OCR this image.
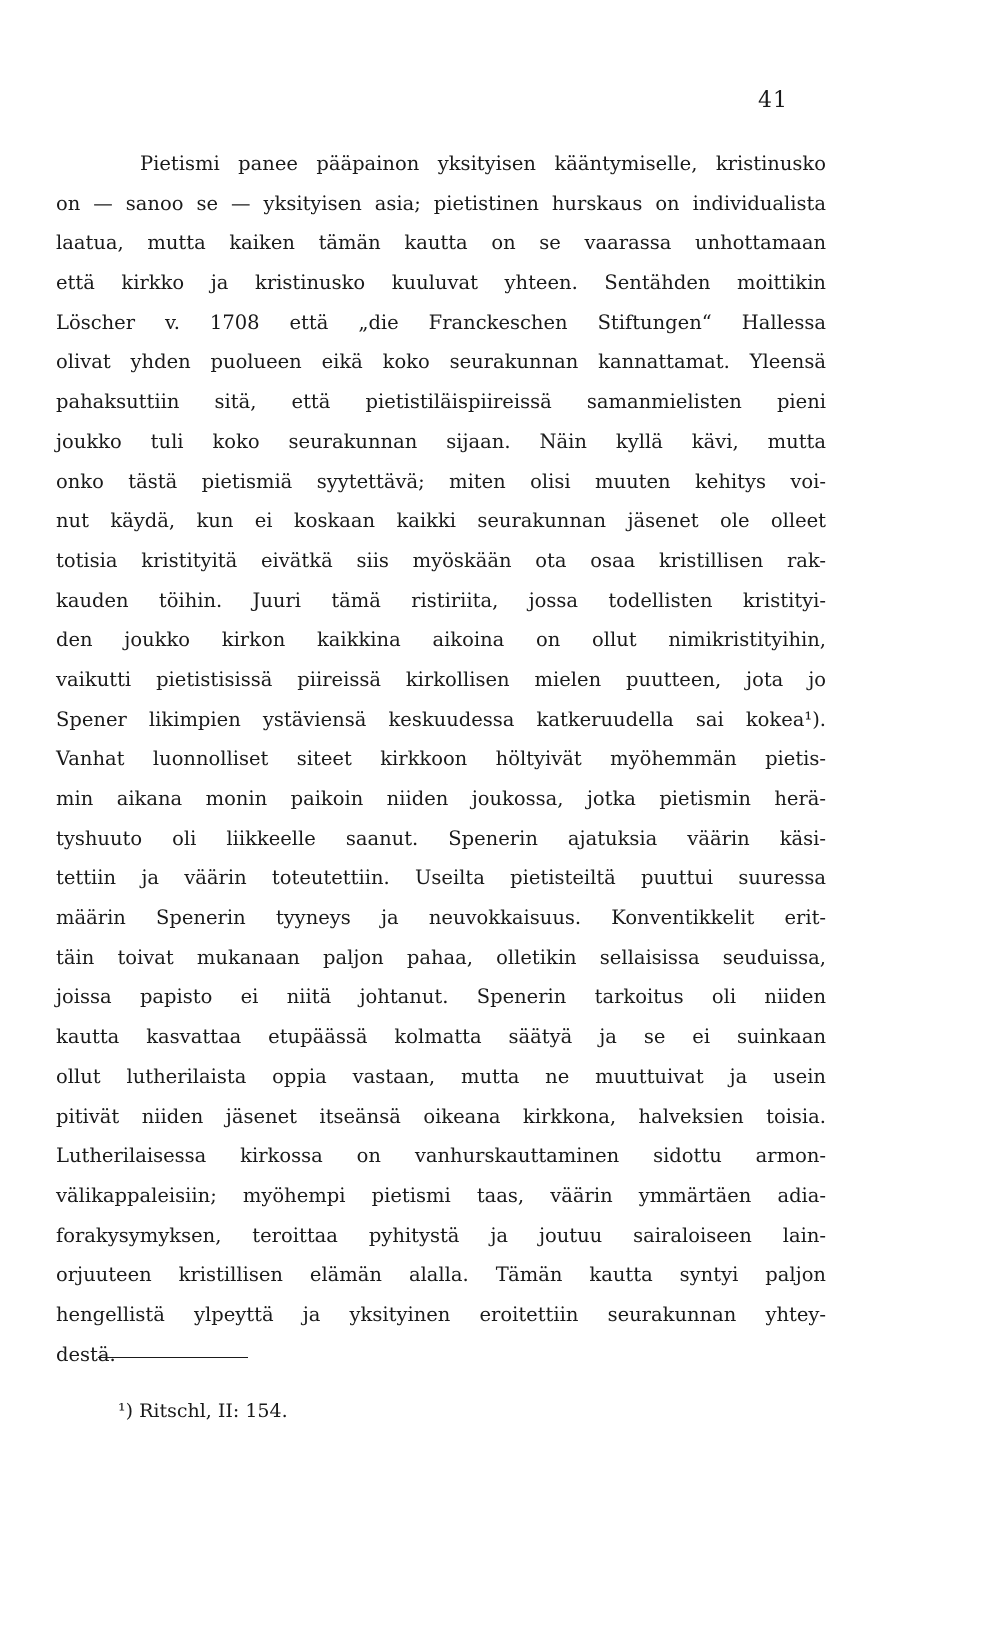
41
Pietismi panee pääpainon yksityisen kääntymiselle, kristinusko
on — sanoo se — yksityisen asia; pietistinen hurskaus on individualista
laatua, mutta kaiken tämän kautta on se vaarassa unhottamaan
että kirkko ja kristinusko kuuluvat yhteen. Sentähden moittikin
Löscher v. 1708 että „die Franckeschen Stiftungen“ Hallessa
olivat yhden puolueen eikä koko seurakunnan kannattamat. Yleensä
pahaksuttiin sitä, että pietistiläispiireissä samanmielisten pieni
joukko tuli koko seurakunnan sijaan. Näin kyllä kävi, mutta
onko tästä pietismiä syytettävä; miten olisi muuten kehitys voi-
nut käydä, kun ei koskaan kaikki seurakunnan jäsenet ole olleet
totisia kristityitä eivätkä siis myöskään ota osaa kristillisen rak-
kauden töihin. Juuri tämä ristiriita, jossa todellisten kristityi-
den joukko kirkon kaikkina aikoina on ollut nimikristityihin,
vaikutti pietistisissä piireissä kirkollisen mielen puutteen, jota jo
Spener likimpien ystäviensä keskuudessa katkeruudella sai kokea¹).
Vanhat luonnolliset siteet kirkkoon höltyivät myöhemmän pietis-
min aikana monin paikoin niiden joukossa, jotka pietismin herä-
tyshuuto oli liikkeelle saanut. Spenerin ajatuksia väärin käsi-
tettiin ja väärin toteutettiin. Useilta pietisteiltä puuttui suuressa
määrin Spenerin tyyneys ja neuvokkaisuus. Konventikkelit erit-
täin toivat mukanaan paljon pahaa, olletikin sellaisissa seuduissa,
joissa papisto ei niitä johtanut. Spenerin tarkoitus oli niiden
kautta kasvattaa etupäässä kolmatta säätyä ja se ei suinkaan
ollut lutherilaista oppia vastaan, mutta ne muuttuivat ja usein
pitivät niiden jäsenet itseänsä oikeana kirkkona, halveksien toisia.
Lutherilaisessa kirkossa on vanhurskauttaminen sidottu armon-
välikappaleisiin; myöhempi pietismi taas, väärin ymmärtäen adia-
forakysymyksen, teroittaa pyhitystä ja joutuu sairaloiseen lain-
orjuuteen kristillisen elämän alalla. Tämän kautta syntyi paljon
hengellistä ylpeyttä ja yksityinen eroitettiin seurakunnan yhtey-
destä.
¹) Ritschl, II: 154.
